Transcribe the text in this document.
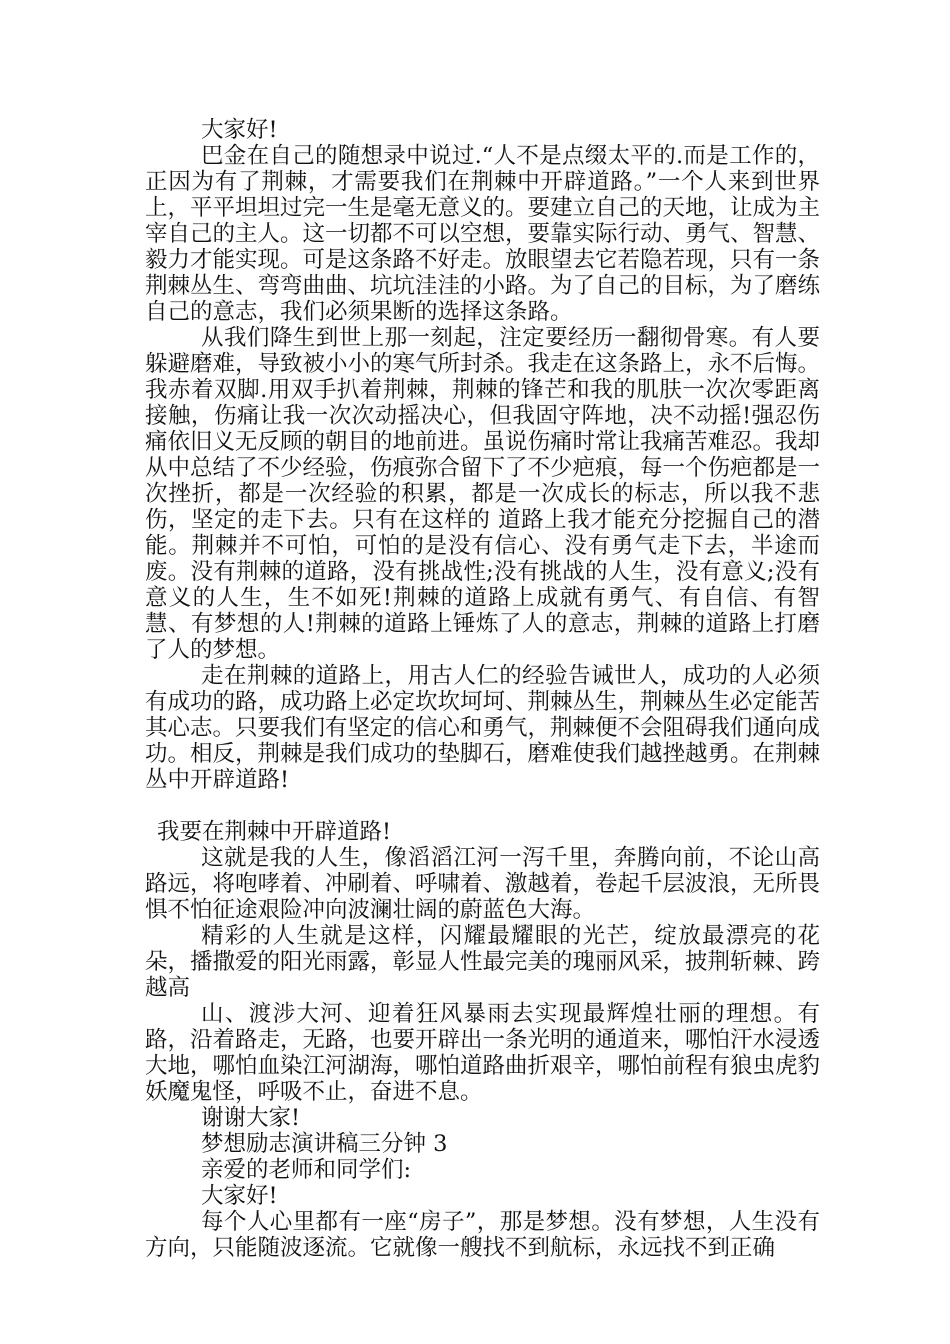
大家好!

巴金在自己的随想录中说过.“人不是点缀太平的.而是工作的，正因为有了荆棘，才需要我们在荆棘中开辟道路。”一个人来到世界上，平平坦坦过完一生是毫无意义的。要建立自己的天地，让成为主宰自己的主人。这一切都不可以空想，要靠实际行动、勇气、智慧、毅力才能实现。可是这条路不好走。放眼望去它若隐若现，只有一条荆棘丛生、弯弯曲曲、坑坑洼洼的小路。为了自己的目标，为了磨练自己的意志，我们必须果断的选择这条路。

从我们降生到世上那一刻起，注定要经历一翻彻骨寒。有人要躲避磨难，导致被小小的寒气所封杀。我走在这条路上，永不后悔。我赤着双脚.用双手扒着荆棘，荆棘的锋芒和我的肌肤一次次零距离接触，伤痛让我一次次动摇决心，但我固守阵地，决不动摇!强忍伤痛依旧义无反顾的朝目的地前进。虽说伤痛时常让我痛苦难忍。我却从中总结了不少经验，伤痕弥合留下了不少疤痕，每一个伤疤都是一次挫折，都是一次经验的积累，都是一次成长的标志，所以我不悲伤，坚定的走下去。只有在这样的 道路上我才能充分挖掘自己的潜能。荆棘并不可怕，可怕的是没有信心、没有勇气走下去，半途而废。没有荆棘的道路，没有挑战性;没有挑战的人生，没有意义;没有意义的人生，生不如死!荆棘的道路上成就有勇气、有自信、有智慧、有梦想的人!荆棘的道路上锤炼了人的意志，荆棘的道路上打磨了人的梦想。

走在荆棘的道路上，用古人仁的经验告诫世人，成功的人必须有成功的路，成功路上必定坎坎坷坷、荆棘丛生，荆棘丛生必定能苦其心志。只要我们有坚定的信心和勇气，荆棘便不会阻碍我们通向成功。相反，荆棘是我们成功的垫脚石，磨难使我们越挫越勇。在荆棘丛中开辟道路!

我要在荆棘中开辟道路!

这就是我的人生，像滔滔江河一泻千里，奔腾向前，不论山高路远，将咆哮着、冲刷着、呼啸着、激越着，卷起千层波浪，无所畏惧不怕征途艰险冲向波澜壮阔的蔚蓝色大海。

精彩的人生就是这样，闪耀最耀眼的光芒，绽放最漂亮的花朵，播撒爱的阳光雨露，彰显人性最完美的瑰丽风采，披荆斩棘、跨越高

山、渡涉大河、迎着狂风暴雨去实现最辉煌壮丽的理想。有路，沿着路走，无路，也要开辟出一条光明的通道来，哪怕汗水浸透大地，哪怕血染江河湖海，哪怕道路曲折艰辛，哪怕前程有狼虫虎豹妖魔鬼怪，呼吸不止，奋进不息。

谢谢大家!

梦想励志演讲稿三分钟 3

亲爱的老师和同学们:

大家好!

每个人心里都有一座“房子”，那是梦想。没有梦想，人生没有方向，只能随波逐流。它就像一艘找不到航标，永远找不到正确
